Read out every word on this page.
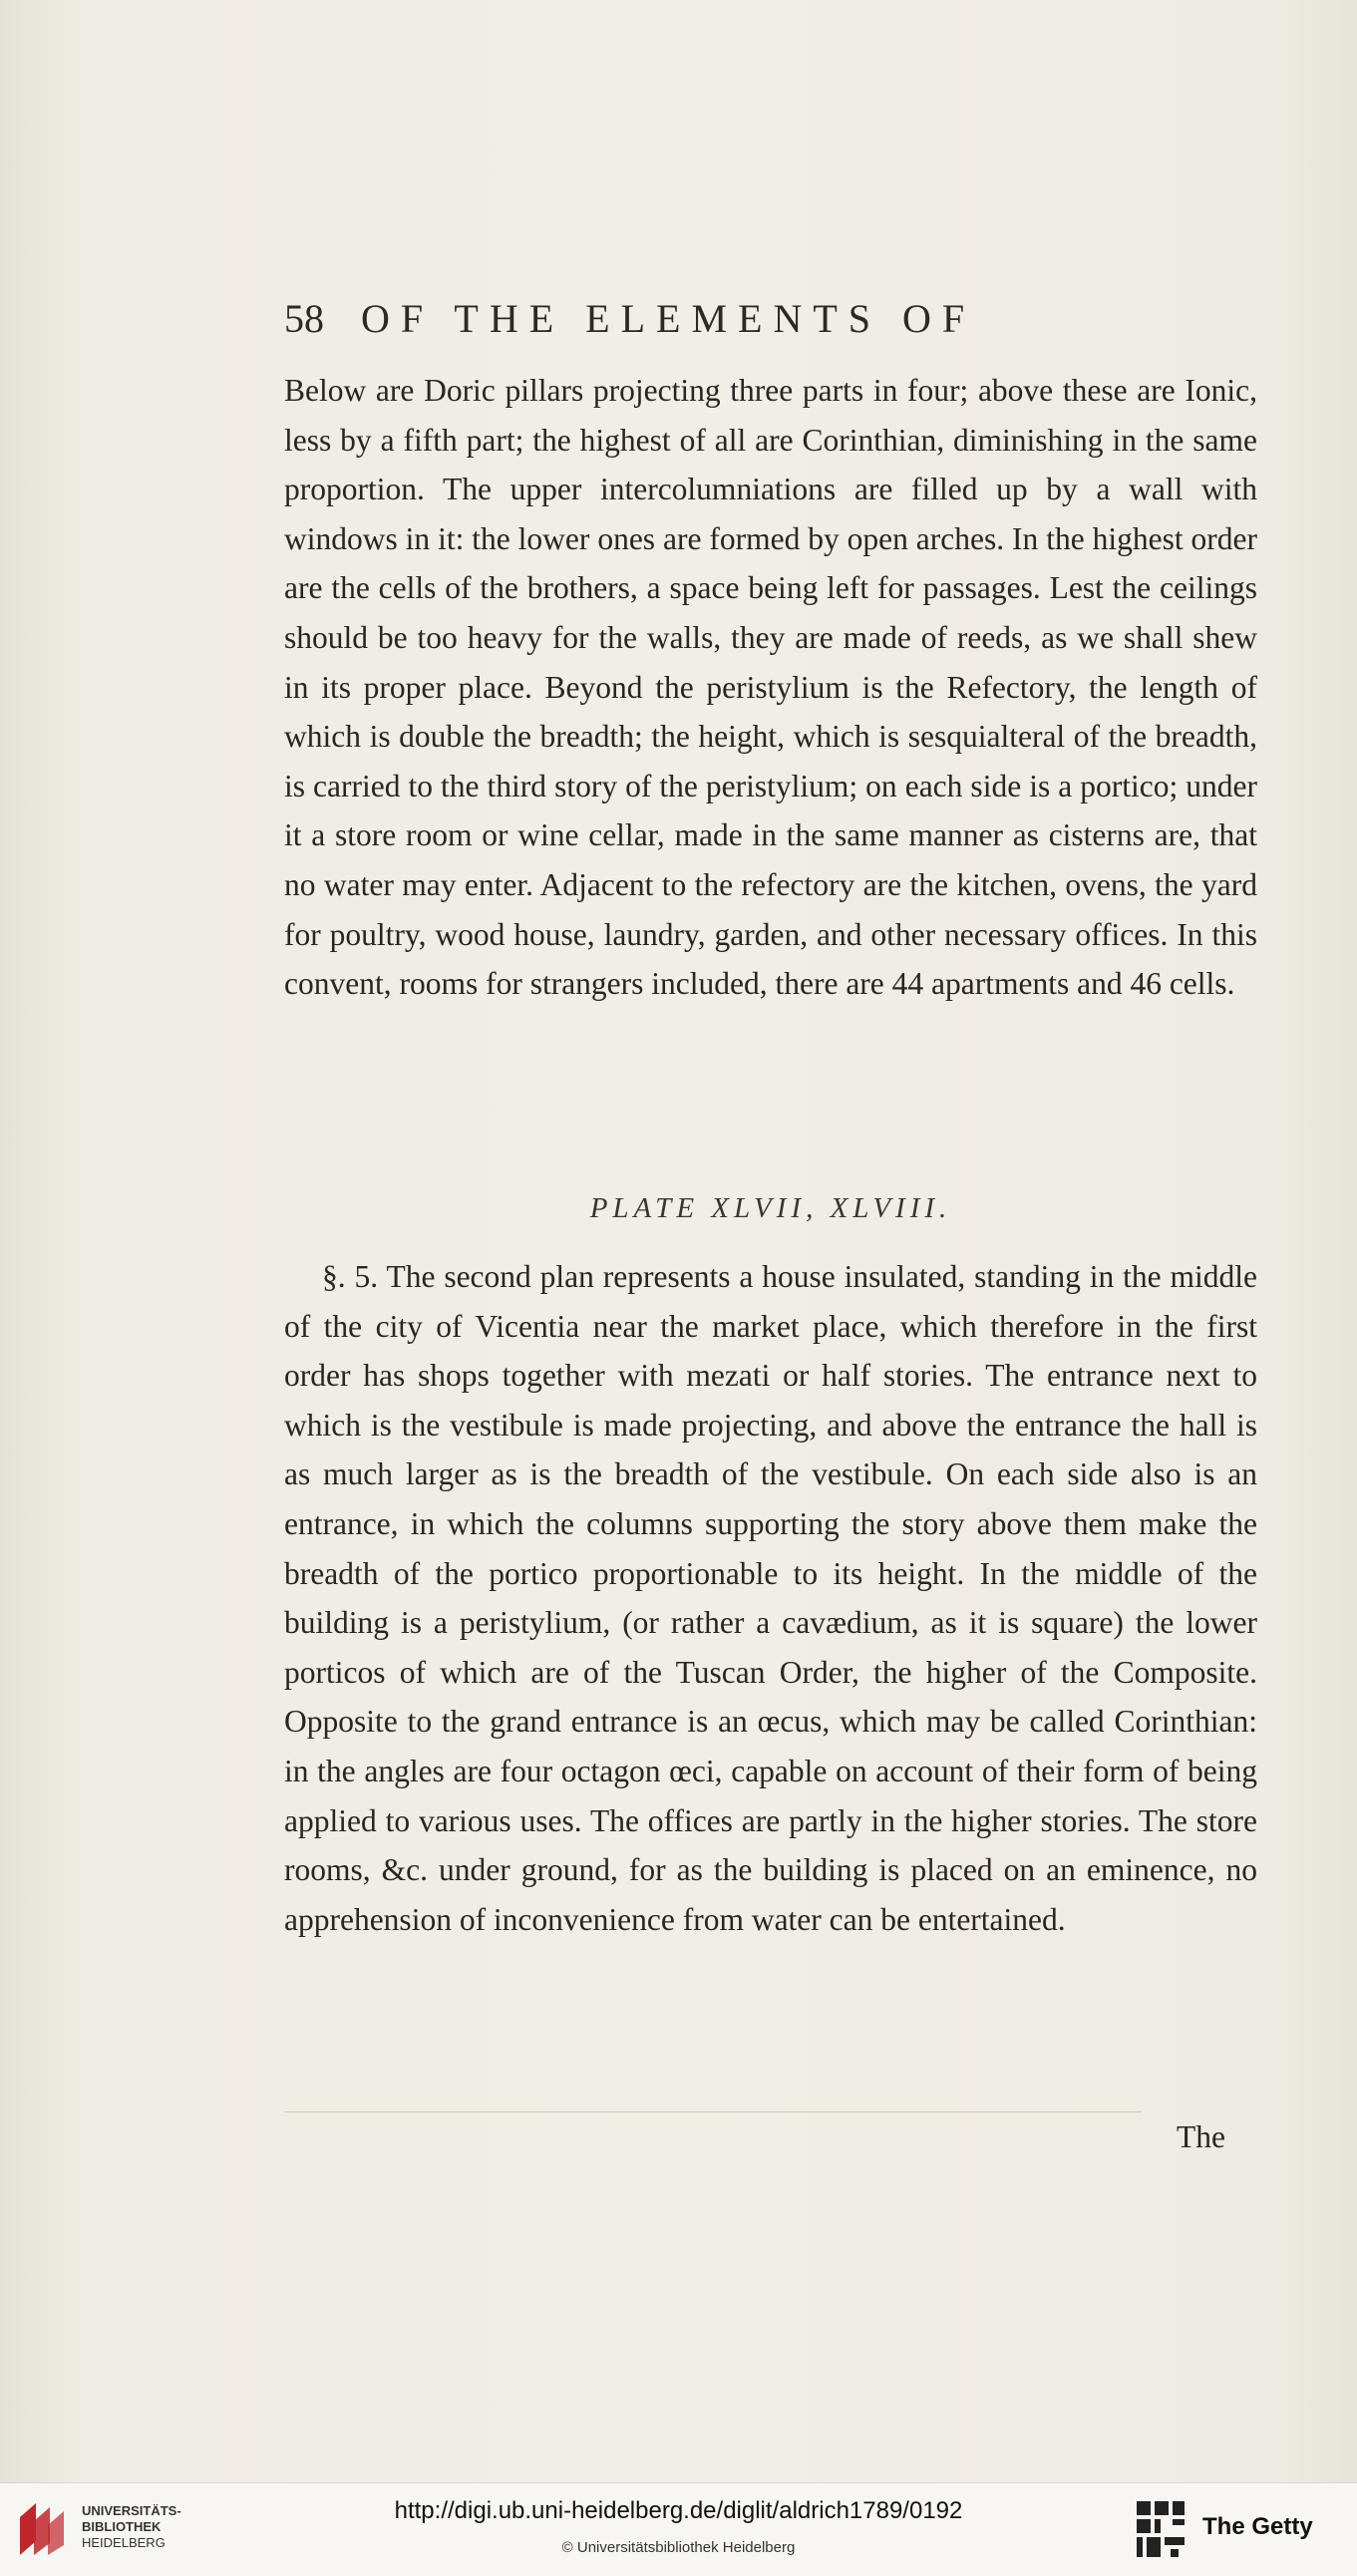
58 OF THE ELEMENTS OF

Below are Doric pillars projecting three parts in four; above these are Ionic, less by a fifth part; the highest of all are Corinthian, diminishing in the same proportion. The upper intercolumniations are filled up by a wall with windows in it: the lower ones are formed by open arches. In the highest order are the cells of the brothers, a space being left for passages. Lest the ceilings should be too heavy for the walls, they are made of reeds, as we shall shew in its proper place. Beyond the peristylium is the Refectory, the length of which is double the breadth; the height, which is sesquialteral of the breadth, is carried to the third story of the peristylium; on each side is a portico; under it a store room or wine cellar, made in the same manner as cisterns are, that no water may enter. Adjacent to the refectory are the kitchen, ovens, the yard for poultry, wood house, laundry, garden, and other necessary offices. In this convent, rooms for strangers included, there are 44 apartments and 46 cells.

PLATE XLVII, XLVIII.

§. 5. The second plan represents a house insulated, standing in the middle of the city of Vicentia near the market place, which therefore in the first order has shops together with mezati or half stories. The entrance next to which is the vestibule is made projecting, and above the entrance the hall is as much larger as is the breadth of the vestibule. On each side also is an entrance, in which the columns supporting the story above them make the breadth of the portico proportionable to its height. In the middle of the building is a peristylium, (or rather a cavædium, as it is square) the lower porticos of which are of the Tuscan Order, the higher of the Composite. Opposite to the grand entrance is an œcus, which may be called Corinthian: in the angles are four octagon œci, capable on account of their form of being applied to various uses. The offices are partly in the higher stories. The store rooms, &c. under ground, for as the building is placed on an eminence, no apprehension of inconvenience from water can be entertained.

The
UNIVERSITÄTS-
BIBLIOTHEK
HEIDELBERG
http://digi.ub.uni-heidelberg.de/diglit/aldrich1789/0192
© Universitätsbibliothek Heidelberg
The Getty
